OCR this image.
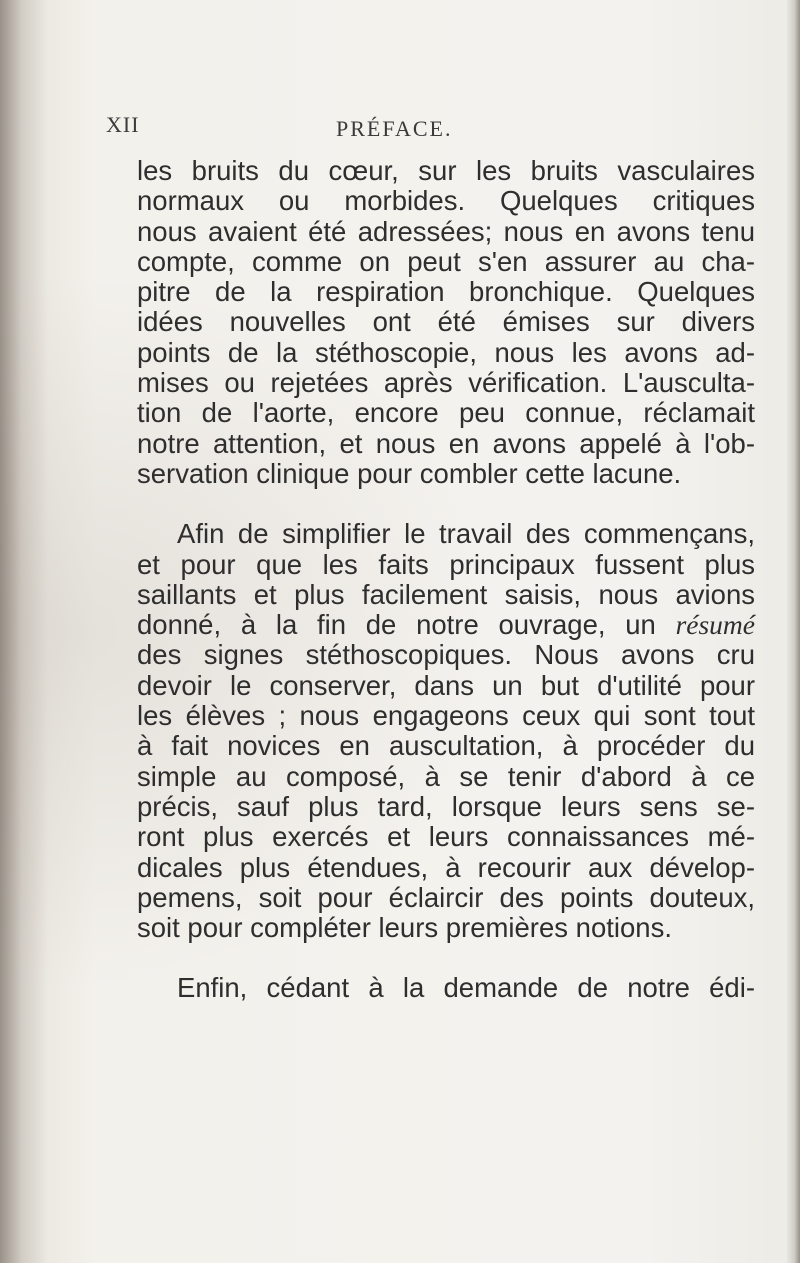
XII	PRÉFACE.
les bruits du cœur, sur les bruits vasculaires
normaux ou morbides. Quelques critiques
nous avaient été adressées; nous en avons tenu
compte, comme on peut s'en assurer au cha-
pitre de la respiration bronchique. Quelques
idées nouvelles ont été émises sur divers
points de la stéthoscopie, nous les avons ad-
mises ou rejetées après vérification. L'ausculta-
tion de l'aorte, encore peu connue, réclamait
notre attention, et nous en avons appelé à l'ob-
servation clinique pour combler cette lacune.
Afin de simplifier le travail des commençans,
et pour que les faits principaux fussent plus
saillants et plus facilement saisis, nous avions
donné, à la fin de notre ouvrage, un résumé
des signes stéthoscopiques. Nous avons cru
devoir le conserver, dans un but d'utilité pour
les élèves ; nous engageons ceux qui sont tout
à fait novices en auscultation, à procéder du
simple au composé, à se tenir d'abord à ce
précis, sauf plus tard, lorsque leurs sens se-
ront plus exercés et leurs connaissances mé-
dicales plus étendues, à recourir aux dévelop-
pemens, soit pour éclaircir des points douteux,
soit pour compléter leurs premières notions.
Enfin, cédant à la demande de notre édi-
